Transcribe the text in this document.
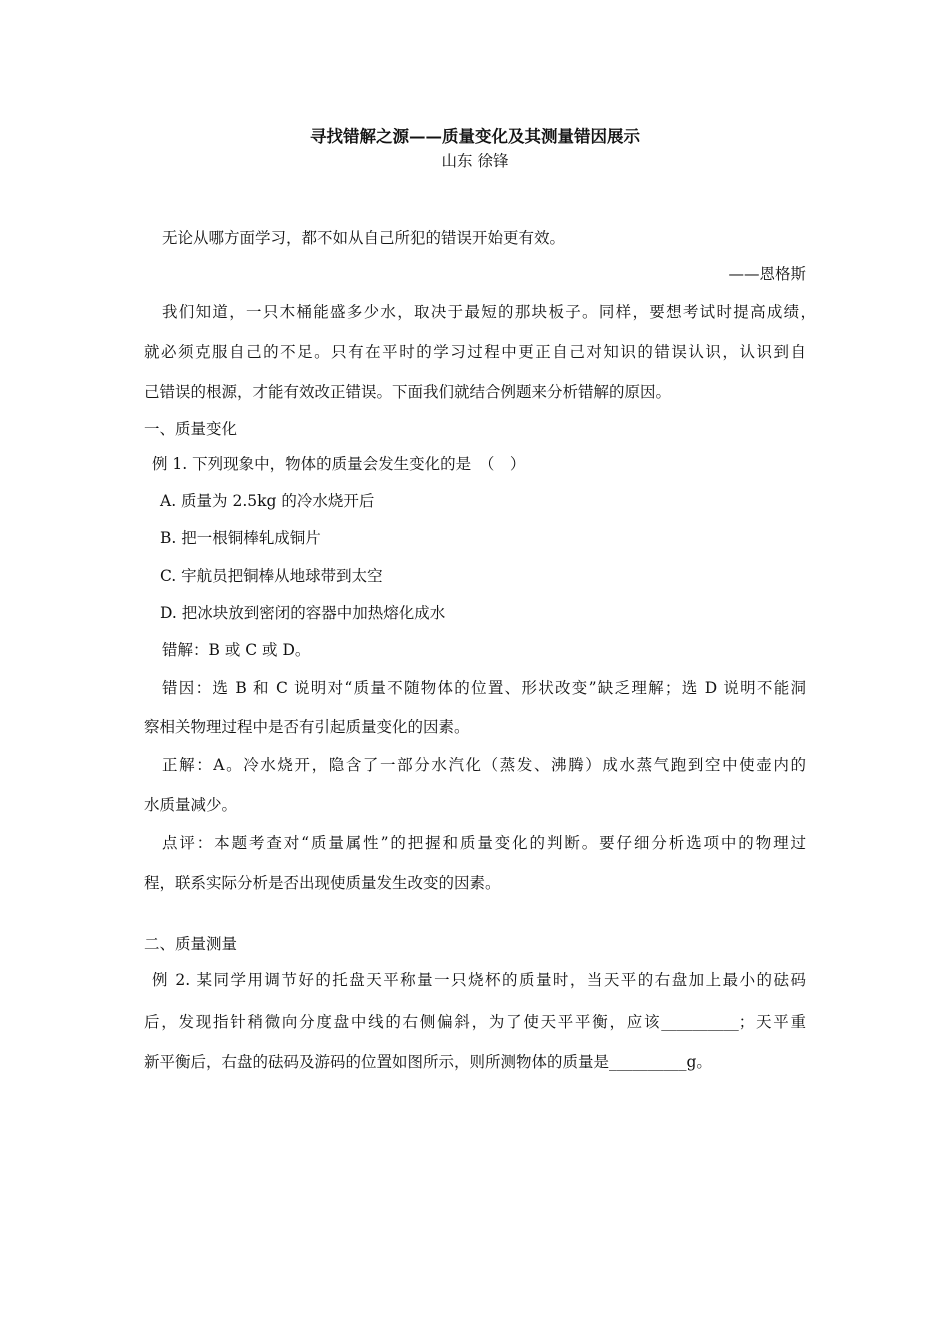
寻找错解之源——质量变化及其测量错因展示
山东 徐锋
无论从哪方面学习，都不如从自己所犯的错误开始更有效。
——恩格斯
我们知道，一只木桶能盛多少水，取决于最短的那块板子。同样，要想考试时提高成绩，
就必须克服自己的不足。只有在平时的学习过程中更正自己对知识的错误认识，认识到自
己错误的根源，才能有效改正错误。下面我们就结合例题来分析错解的原因。
一、质量变化
例 1. 下列现象中，物体的质量会发生变化的是　（　）
A. 质量为 2.5kg 的冷水烧开后
B. 把一根铜棒轧成铜片
C. 宇航员把铜棒从地球带到太空
D. 把冰块放到密闭的容器中加热熔化成水
错解：B 或 C 或 D。
错因：选 B 和 C 说明对“质量不随物体的位置、形状改变”缺乏理解；选 D 说明不能洞
察相关物理过程中是否有引起质量变化的因素。
正解：A。冷水烧开，隐含了一部分水汽化（蒸发、沸腾）成水蒸气跑到空中使壶内的
水质量减少。
点评：本题考查对“质量属性”的把握和质量变化的判断。要仔细分析选项中的物理过
程，联系实际分析是否出现使质量发生改变的因素。
二、质量测量
例 2. 某同学用调节好的托盘天平称量一只烧杯的质量时，当天平的右盘加上最小的砝码
后，发现指针稍微向分度盘中线的右侧偏斜，为了使天平平衡，应该__________；天平重
新平衡后，右盘的砝码及游码的位置如图所示，则所测物体的质量是__________g。
